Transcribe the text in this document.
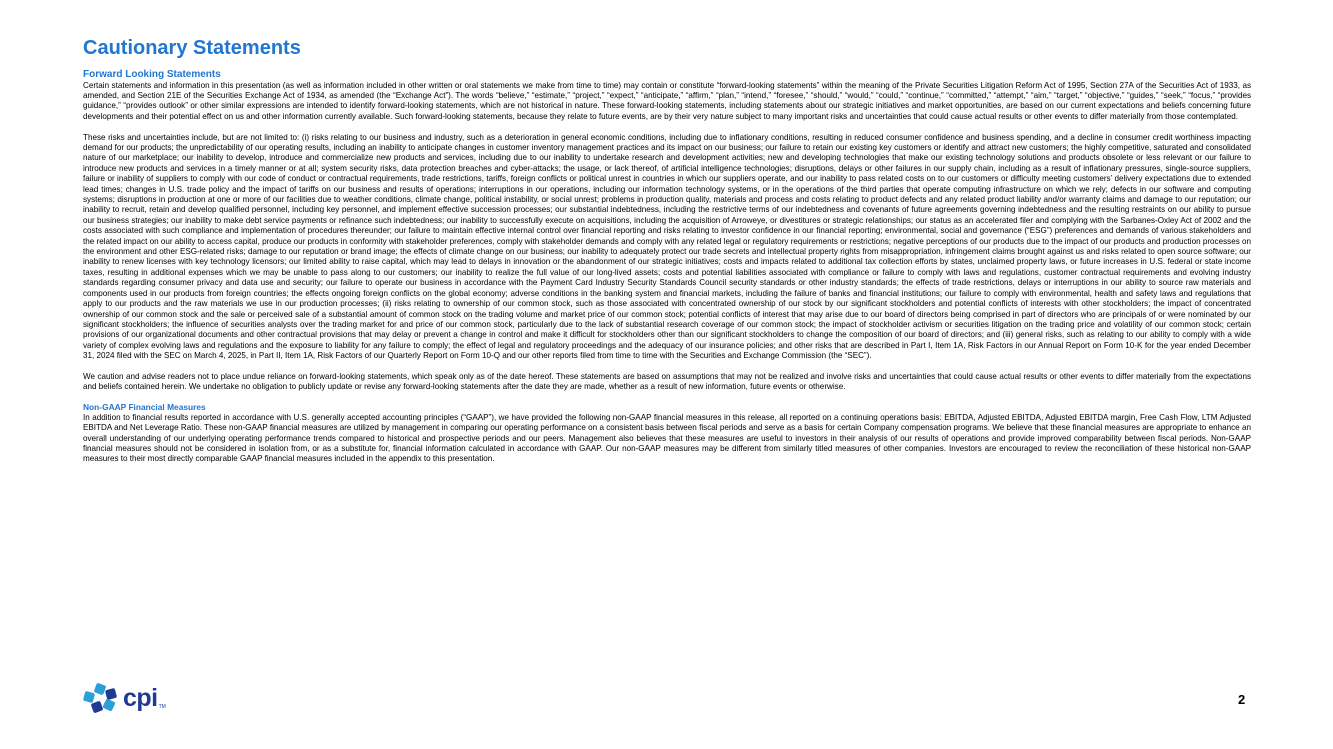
Cautionary Statements

Forward Looking Statements

Certain statements and information in this presentation (as well as information included in other written or oral statements we make from time to time) may contain or constitute “forward-looking statements” within the meaning of the Private Securities Litigation Reform Act of 1995, Section 27A of the Securities Act of 1933, as amended, and Section 21E of the Securities Exchange Act of 1934, as amended (the “Exchange Act”). The words “believe,” “estimate,” “project,” “expect,” “anticipate,” “affirm,” “plan,” “intend,” “foresee,” “should,” “would,” “could,” “continue,” “committed,” “attempt,” “aim,” “target,” “objective,” “guides,” “seek,” “focus,” “provides guidance,” “provides outlook” or other similar expressions are intended to identify forward-looking statements, which are not historical in nature. These forward-looking statements, including statements about our strategic initiatives and market opportunities, are based on our current expectations and beliefs concerning future developments and their potential effect on us and other information currently available. Such forward-looking statements, because they relate to future events, are by their very nature subject to many important risks and uncertainties that could cause actual results or other events to differ materially from those contemplated.

These risks and uncertainties include, but are not limited to: (i) risks relating to our business and industry, such as a deterioration in general economic conditions, including due to inflationary conditions, resulting in reduced consumer confidence and business spending, and a decline in consumer credit worthiness impacting demand for our products; the unpredictability of our operating results, including an inability to anticipate changes in customer inventory management practices and its impact on our business; our failure to retain our existing key customers or identify and attract new customers; the highly competitive, saturated and consolidated nature of our marketplace; our inability to develop, introduce and commercialize new products and services, including due to our inability to undertake research and development activities; new and developing technologies that make our existing technology solutions and products obsolete or less relevant or our failure to introduce new products and services in a timely manner or at all; system security risks, data protection breaches and cyber-attacks; the usage, or lack thereof, of artificial intelligence technologies; disruptions, delays or other failures in our supply chain, including as a result of inflationary pressures, single-source suppliers, failure or inability of suppliers to comply with our code of conduct or contractual requirements, trade restrictions, tariffs, foreign conflicts or political unrest in countries in which our suppliers operate, and our inability to pass related costs on to our customers or difficulty meeting customers’ delivery expectations due to extended lead times; changes in U.S. trade policy and the impact of tariffs on our business and results of operations; interruptions in our operations, including our information technology systems, or in the operations of the third parties that operate computing infrastructure on which we rely; defects in our software and computing systems; disruptions in production at one or more of our facilities due to weather conditions, climate change, political instability, or social unrest; problems in production quality, materials and process and costs relating to product defects and any related product liability and/or warranty claims and damage to our reputation; our inability to recruit, retain and develop qualified personnel, including key personnel, and implement effective succession processes; our substantial indebtedness, including the restrictive terms of our indebtedness and covenants of future agreements governing indebtedness and the resulting restraints on our ability to pursue our business strategies; our inability to make debt service payments or refinance such indebtedness; our inability to successfully execute on acquisitions, including the acquisition of Arroweye, or divestitures or strategic relationships; our status as an accelerated filer and complying with the Sarbanes-Oxley Act of 2002 and the costs associated with such compliance and implementation of procedures thereunder; our failure to maintain effective internal control over financial reporting and risks relating to investor confidence in our financial reporting; environmental, social and governance (“ESG”) preferences and demands of various stakeholders and the related impact on our ability to access capital, produce our products in conformity with stakeholder preferences, comply with stakeholder demands and comply with any related legal or regulatory requirements or restrictions; negative perceptions of our products due to the impact of our products and production processes on the environment and other ESG-related risks; damage to our reputation or brand image; the effects of climate change on our business; our inability to adequately protect our trade secrets and intellectual property rights from misappropriation, infringement claims brought against us and risks related to open source software; our inability to renew licenses with key technology licensors; our limited ability to raise capital, which may lead to delays in innovation or the abandonment of our strategic initiatives; costs and impacts related to additional tax collection efforts by states, unclaimed property laws, or future increases in U.S. federal or state income taxes, resulting in additional expenses which we may be unable to pass along to our customers; our inability to realize the full value of our long-lived assets; costs and potential liabilities associated with compliance or failure to comply with laws and regulations, customer contractual requirements and evolving industry standards regarding consumer privacy and data use and security; our failure to operate our business in accordance with the Payment Card Industry Security Standards Council security standards or other industry standards; the effects of trade restrictions, delays or interruptions in our ability to source raw materials and components used in our products from foreign countries; the effects ongoing foreign conflicts on the global economy; adverse conditions in the banking system and financial markets, including the failure of banks and financial institutions; our failure to comply with environmental, health and safety laws and regulations that apply to our products and the raw materials we use in our production processes; (ii) risks relating to ownership of our common stock, such as those associated with concentrated ownership of our stock by our significant stockholders and potential conflicts of interests with other stockholders; the impact of concentrated ownership of our common stock and the sale or perceived sale of a substantial amount of common stock on the trading volume and market price of our common stock; potential conflicts of interest that may arise due to our board of directors being comprised in part of directors who are principals of or were nominated by our significant stockholders; the influence of securities analysts over the trading market for and price of our common stock, particularly due to the lack of substantial research coverage of our common stock; the impact of stockholder activism or securities litigation on the trading price and volatility of our common stock; certain provisions of our organizational documents and other contractual provisions that may delay or prevent a change in control and make it difficult for stockholders other than our significant stockholders to change the composition of our board of directors; and (iii) general risks, such as relating to our ability to comply with a wide variety of complex evolving laws and regulations and the exposure to liability for any failure to comply; the effect of legal and regulatory proceedings and the adequacy of our insurance policies; and other risks that are described in Part I, Item 1A, Risk Factors in our Annual Report on Form 10-K for the year ended December 31, 2024 filed with the SEC on March 4, 2025, in Part II, Item 1A, Risk Factors of our Quarterly Report on Form 10-Q and our other reports filed from time to time with the Securities and Exchange Commission (the “SEC”).

We caution and advise readers not to place undue reliance on forward-looking statements, which speak only as of the date hereof. These statements are based on assumptions that may not be realized and involve risks and uncertainties that could cause actual results or other events to differ materially from the expectations and beliefs contained herein. We undertake no obligation to publicly update or revise any forward-looking statements after the date they are made, whether as a result of new information, future events or otherwise.

Non-GAAP Financial Measures

In addition to financial results reported in accordance with U.S. generally accepted accounting principles (“GAAP”), we have provided the following non-GAAP financial measures in this release, all reported on a continuing operations basis: EBITDA, Adjusted EBITDA, Adjusted EBITDA margin, Free Cash Flow, LTM Adjusted EBITDA and Net Leverage Ratio. These non-GAAP financial measures are utilized by management in comparing our operating performance on a consistent basis between fiscal periods and serve as a basis for certain Company compensation programs. We believe that these financial measures are appropriate to enhance an overall understanding of our underlying operating performance trends compared to historical and prospective periods and our peers. Management also believes that these measures are useful to investors in their analysis of our results of operations and provide improved comparability between fiscal periods. Non-GAAP financial measures should not be considered in isolation from, or as a substitute for, financial information calculated in accordance with GAAP. Our non-GAAP measures may be different from similarly titled measures of other companies. Investors are encouraged to review the reconciliation of these historical non-GAAP measures to their most directly comparable GAAP financial measures included in the appendix to this presentation.

cpi TM	2
